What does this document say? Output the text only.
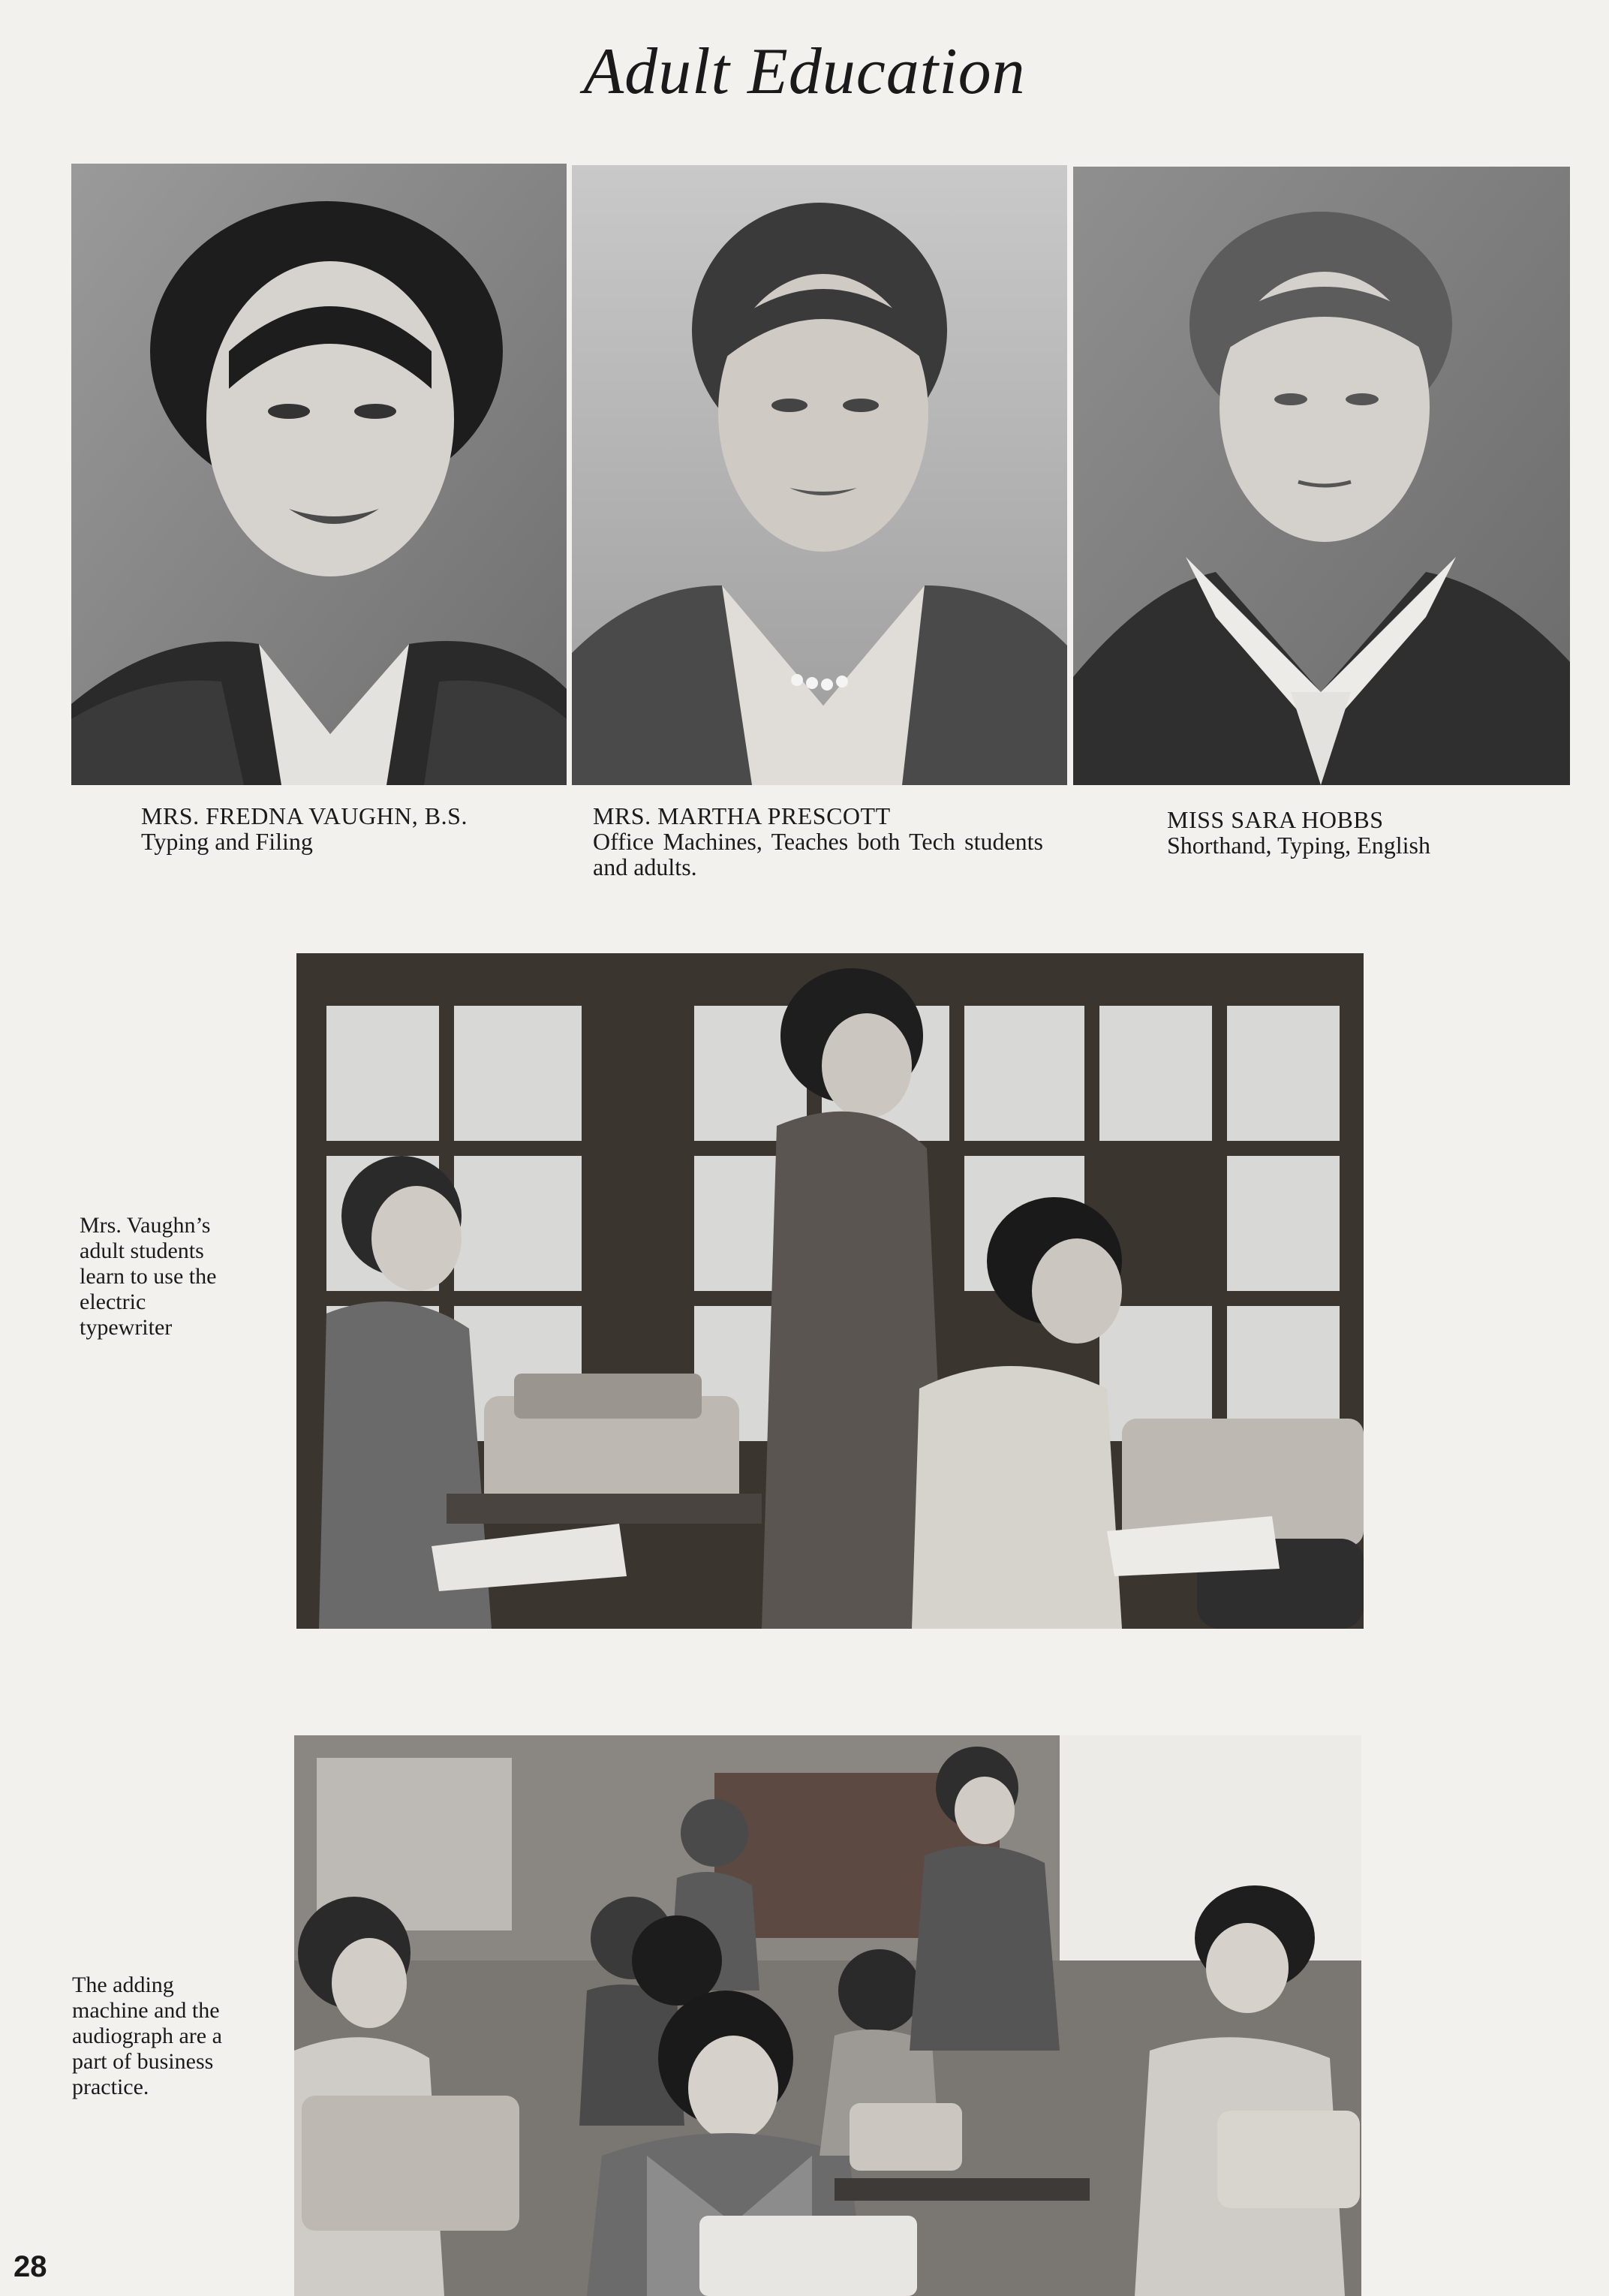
Adult Education
MRS. FREDNA VAUGHN, B.S.
Typing and Filing
MRS. MARTHA PRESCOTT
Office Machines, Teaches both Tech students and adults.
MISS SARA HOBBS
Shorthand, Typing, English
Mrs. Vaughn’s adult students learn to use the electric typewriter
The adding machine and the audiograph are a part of business practice.
28
